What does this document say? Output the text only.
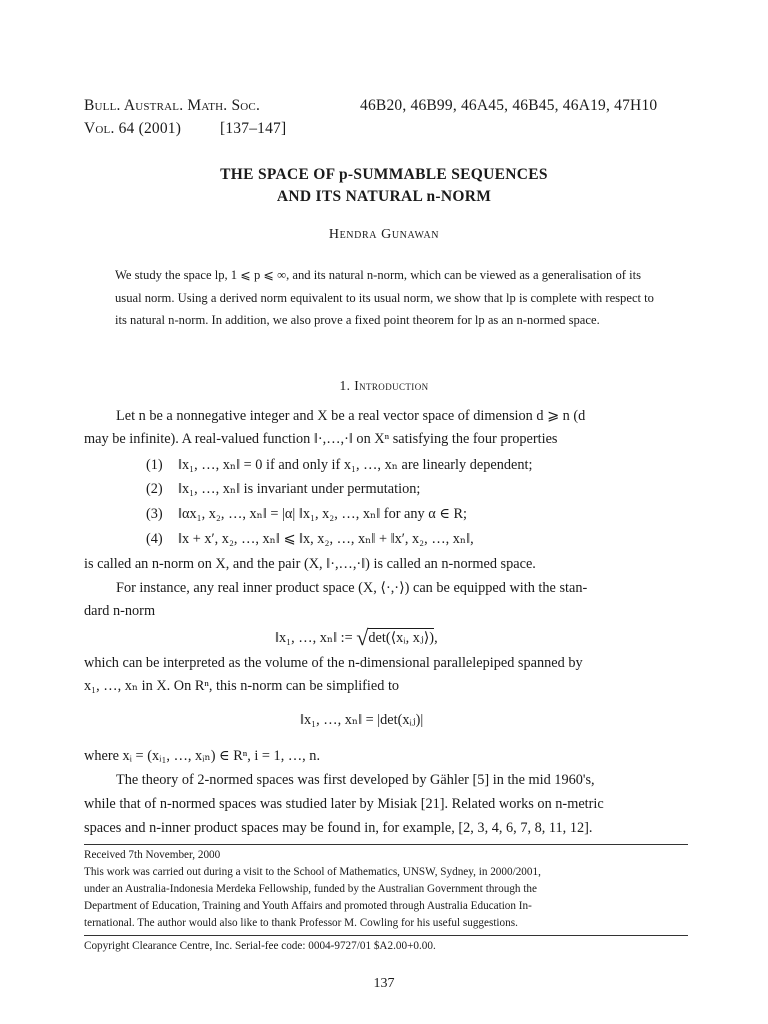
Bull. Austral. Math. Soc.	46B20, 46B99, 46A45, 46B45, 46A19, 47H10
Vol. 64 (2001)	[137–147]
THE SPACE OF p-SUMMABLE SEQUENCES
AND ITS NATURAL n-NORM
Hendra Gunawan
We study the space lp, 1 ⩽ p ⩽ ∞, and its natural n-norm, which can be viewed as a generalisation of its usual norm. Using a derived norm equivalent to its usual norm, we show that lp is complete with respect to its natural n-norm. In addition, we also prove a fixed point theorem for lp as an n-normed space.
1. Introduction
Let n be a nonnegative integer and X be a real vector space of dimension d ⩾ n (d
may be infinite). A real-valued function ‖·,…,·‖ on Xⁿ satisfying the four properties
(1) ‖x₁, …, xₙ‖ = 0 if and only if x₁, …, xₙ are linearly dependent;
(2) ‖x₁, …, xₙ‖ is invariant under permutation;
(3) ‖αx₁, x₂, …, xₙ‖ = |α| ‖x₁, x₂, …, xₙ‖ for any α ∈ R;
(4) ‖x + x′, x₂, …, xₙ‖ ⩽ ‖x, x₂, …, xₙ‖ + ‖x′, x₂, …, xₙ‖,
is called an n-norm on X, and the pair (X, ‖·,…,·‖) is called an n-normed space.
For instance, any real inner product space (X, ⟨·,·⟩) can be equipped with the stan-
dard n-norm
‖x₁, …, xₙ‖ := √det(⟨xᵢ, xⱼ⟩),
which can be interpreted as the volume of the n-dimensional parallelepiped spanned by
x₁, …, xₙ in X. On Rⁿ, this n-norm can be simplified to
‖x₁, …, xₙ‖ = |det(xᵢⱼ)|
where xᵢ = (xᵢ₁, …, xᵢₙ) ∈ Rⁿ, i = 1, …, n.
The theory of 2-normed spaces was first developed by Gähler [5] in the mid 1960's,
while that of n-normed spaces was studied later by Misiak [21]. Related works on n-metric
spaces and n-inner product spaces may be found in, for example, [2, 3, 4, 6, 7, 8, 11, 12].
Received 7th November, 2000
This work was carried out during a visit to the School of Mathematics, UNSW, Sydney, in 2000/2001,
under an Australia-Indonesia Merdeka Fellowship, funded by the Australian Government through the
Department of Education, Training and Youth Affairs and promoted through Australia Education In-
ternational. The author would also like to thank Professor M. Cowling for his useful suggestions.
Copyright Clearance Centre, Inc. Serial-fee code: 0004-9727/01 $A2.00+0.00.
137
